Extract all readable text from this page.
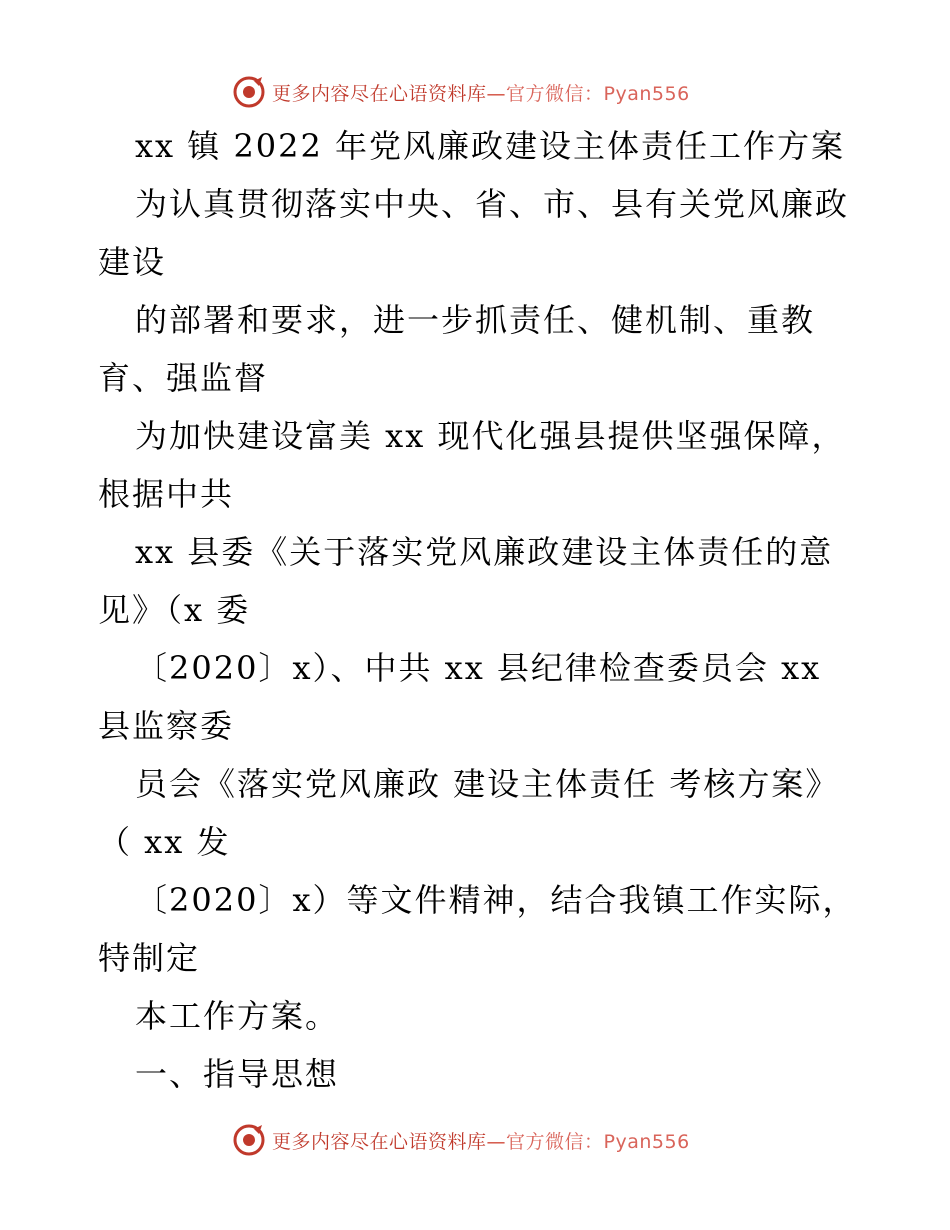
更多内容尽在心语资料库—官方微信：Pyan556
xx 镇 2022 年党风廉政建设主体责任工作方案
为认真贯彻落实中央、省、市、县有关党风廉政
建设
的部署和要求，进一步抓责任、健机制、重教
育、强监督
为加快建设富美 xx 现代化强县提供坚强保障，
根据中共
xx 县委《关于落实党风廉政建设主体责任的意
见》（x 委
〔2020〕x）、中共 xx 县纪律检查委员会 xx
县监察委
员会《落实党风廉政 建设主体责任 考核方案》
（ xx 发
〔2020〕x）等文件精神，结合我镇工作实际，
特制定
本工作方案。
一、指导思想
更多内容尽在心语资料库—官方微信：Pyan556
